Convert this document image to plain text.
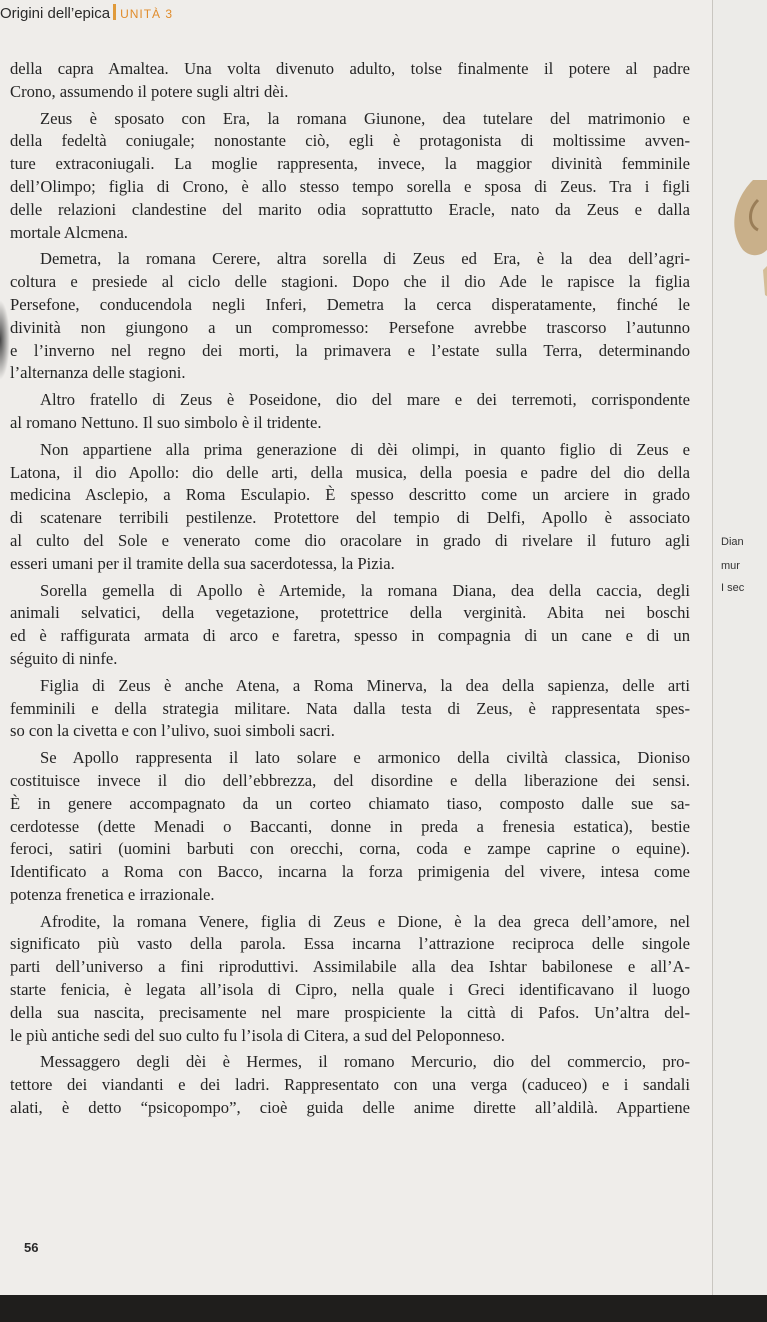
Origini dell’epica UNITÀ 3
della capra Amaltea. Una volta divenuto adulto, tolse finalmente il potere al padre
Crono, assumendo il potere sugli altri dèi.
Zeus è sposato con Era, la romana Giunone, dea tutelare del matrimonio e
della fedeltà coniugale; nonostante ciò, egli è protagonista di moltissime avven-
ture extraconiugali. La moglie rappresenta, invece, la maggior divinità femminile
dell’Olimpo; figlia di Crono, è allo stesso tempo sorella e sposa di Zeus. Tra i figli
delle relazioni clandestine del marito odia soprattutto Eracle, nato da Zeus e dalla
mortale Alcmena.
Demetra, la romana Cerere, altra sorella di Zeus ed Era, è la dea dell’agri-
coltura e presiede al ciclo delle stagioni. Dopo che il dio Ade le rapisce la figlia
Persefone, conducendola negli Inferi, Demetra la cerca disperatamente, finché le
divinità non giungono a un compromesso: Persefone avrebbe trascorso l’autunno
e l’inverno nel regno dei morti, la primavera e l’estate sulla Terra, determinando
l’alternanza delle stagioni.
Altro fratello di Zeus è Poseidone, dio del mare e dei terremoti, corrispondente
al romano Nettuno. Il suo simbolo è il tridente.
Non appartiene alla prima generazione di dèi olimpi, in quanto figlio di Zeus e
Latona, il dio Apollo: dio delle arti, della musica, della poesia e padre del dio della
medicina Asclepio, a Roma Esculapio. È spesso descritto come un arciere in grado
di scatenare terribili pestilenze. Protettore del tempio di Delfi, Apollo è associato
al culto del Sole e venerato come dio oracolare in grado di rivelare il futuro agli
esseri umani per il tramite della sua sacerdotessa, la Pizia.
Sorella gemella di Apollo è Artemide, la romana Diana, dea della caccia, degli
animali selvatici, della vegetazione, protettrice della verginità. Abita nei boschi
ed è raffigurata armata di arco e faretra, spesso in compagnia di un cane e di un
séguito di ninfe.
Figlia di Zeus è anche Atena, a Roma Minerva, la dea della sapienza, delle arti
femminili e della strategia militare. Nata dalla testa di Zeus, è rappresentata spes-
so con la civetta e con l’ulivo, suoi simboli sacri.
Se Apollo rappresenta il lato solare e armonico della civiltà classica, Dioniso
costituisce invece il dio dell’ebbrezza, del disordine e della liberazione dei sensi.
È in genere accompagnato da un corteo chiamato tiaso, composto dalle sue sa-
cerdotesse (dette Menadi o Baccanti, donne in preda a frenesia estatica), bestie
feroci, satiri (uomini barbuti con orecchi, corna, coda e zampe caprine o equine).
Identificato a Roma con Bacco, incarna la forza primigenia del vivere, intesa come
potenza frenetica e irrazionale.
Afrodite, la romana Venere, figlia di Zeus e Dione, è la dea greca dell’amore, nel
significato più vasto della parola. Essa incarna l’attrazione reciproca delle singole
parti dell’universo a fini riproduttivi. Assimilabile alla dea Ishtar babilonese e all’A-
starte fenicia, è legata all’isola di Cipro, nella quale i Greci identificavano il luogo
della sua nascita, precisamente nel mare prospiciente la città di Pafos. Un’altra del-
le più antiche sedi del suo culto fu l’isola di Citera, a sud del Peloponneso.
Messaggero degli dèi è Hermes, il romano Mercurio, dio del commercio, pro-
tettore dei viandanti e dei ladri. Rappresentato con una verga (caduceo) e i sandali
alati, è detto “psicopompo”, cioè guida delle anime dirette all’aldilà. Appartiene
56
Dian
mur
I sec
